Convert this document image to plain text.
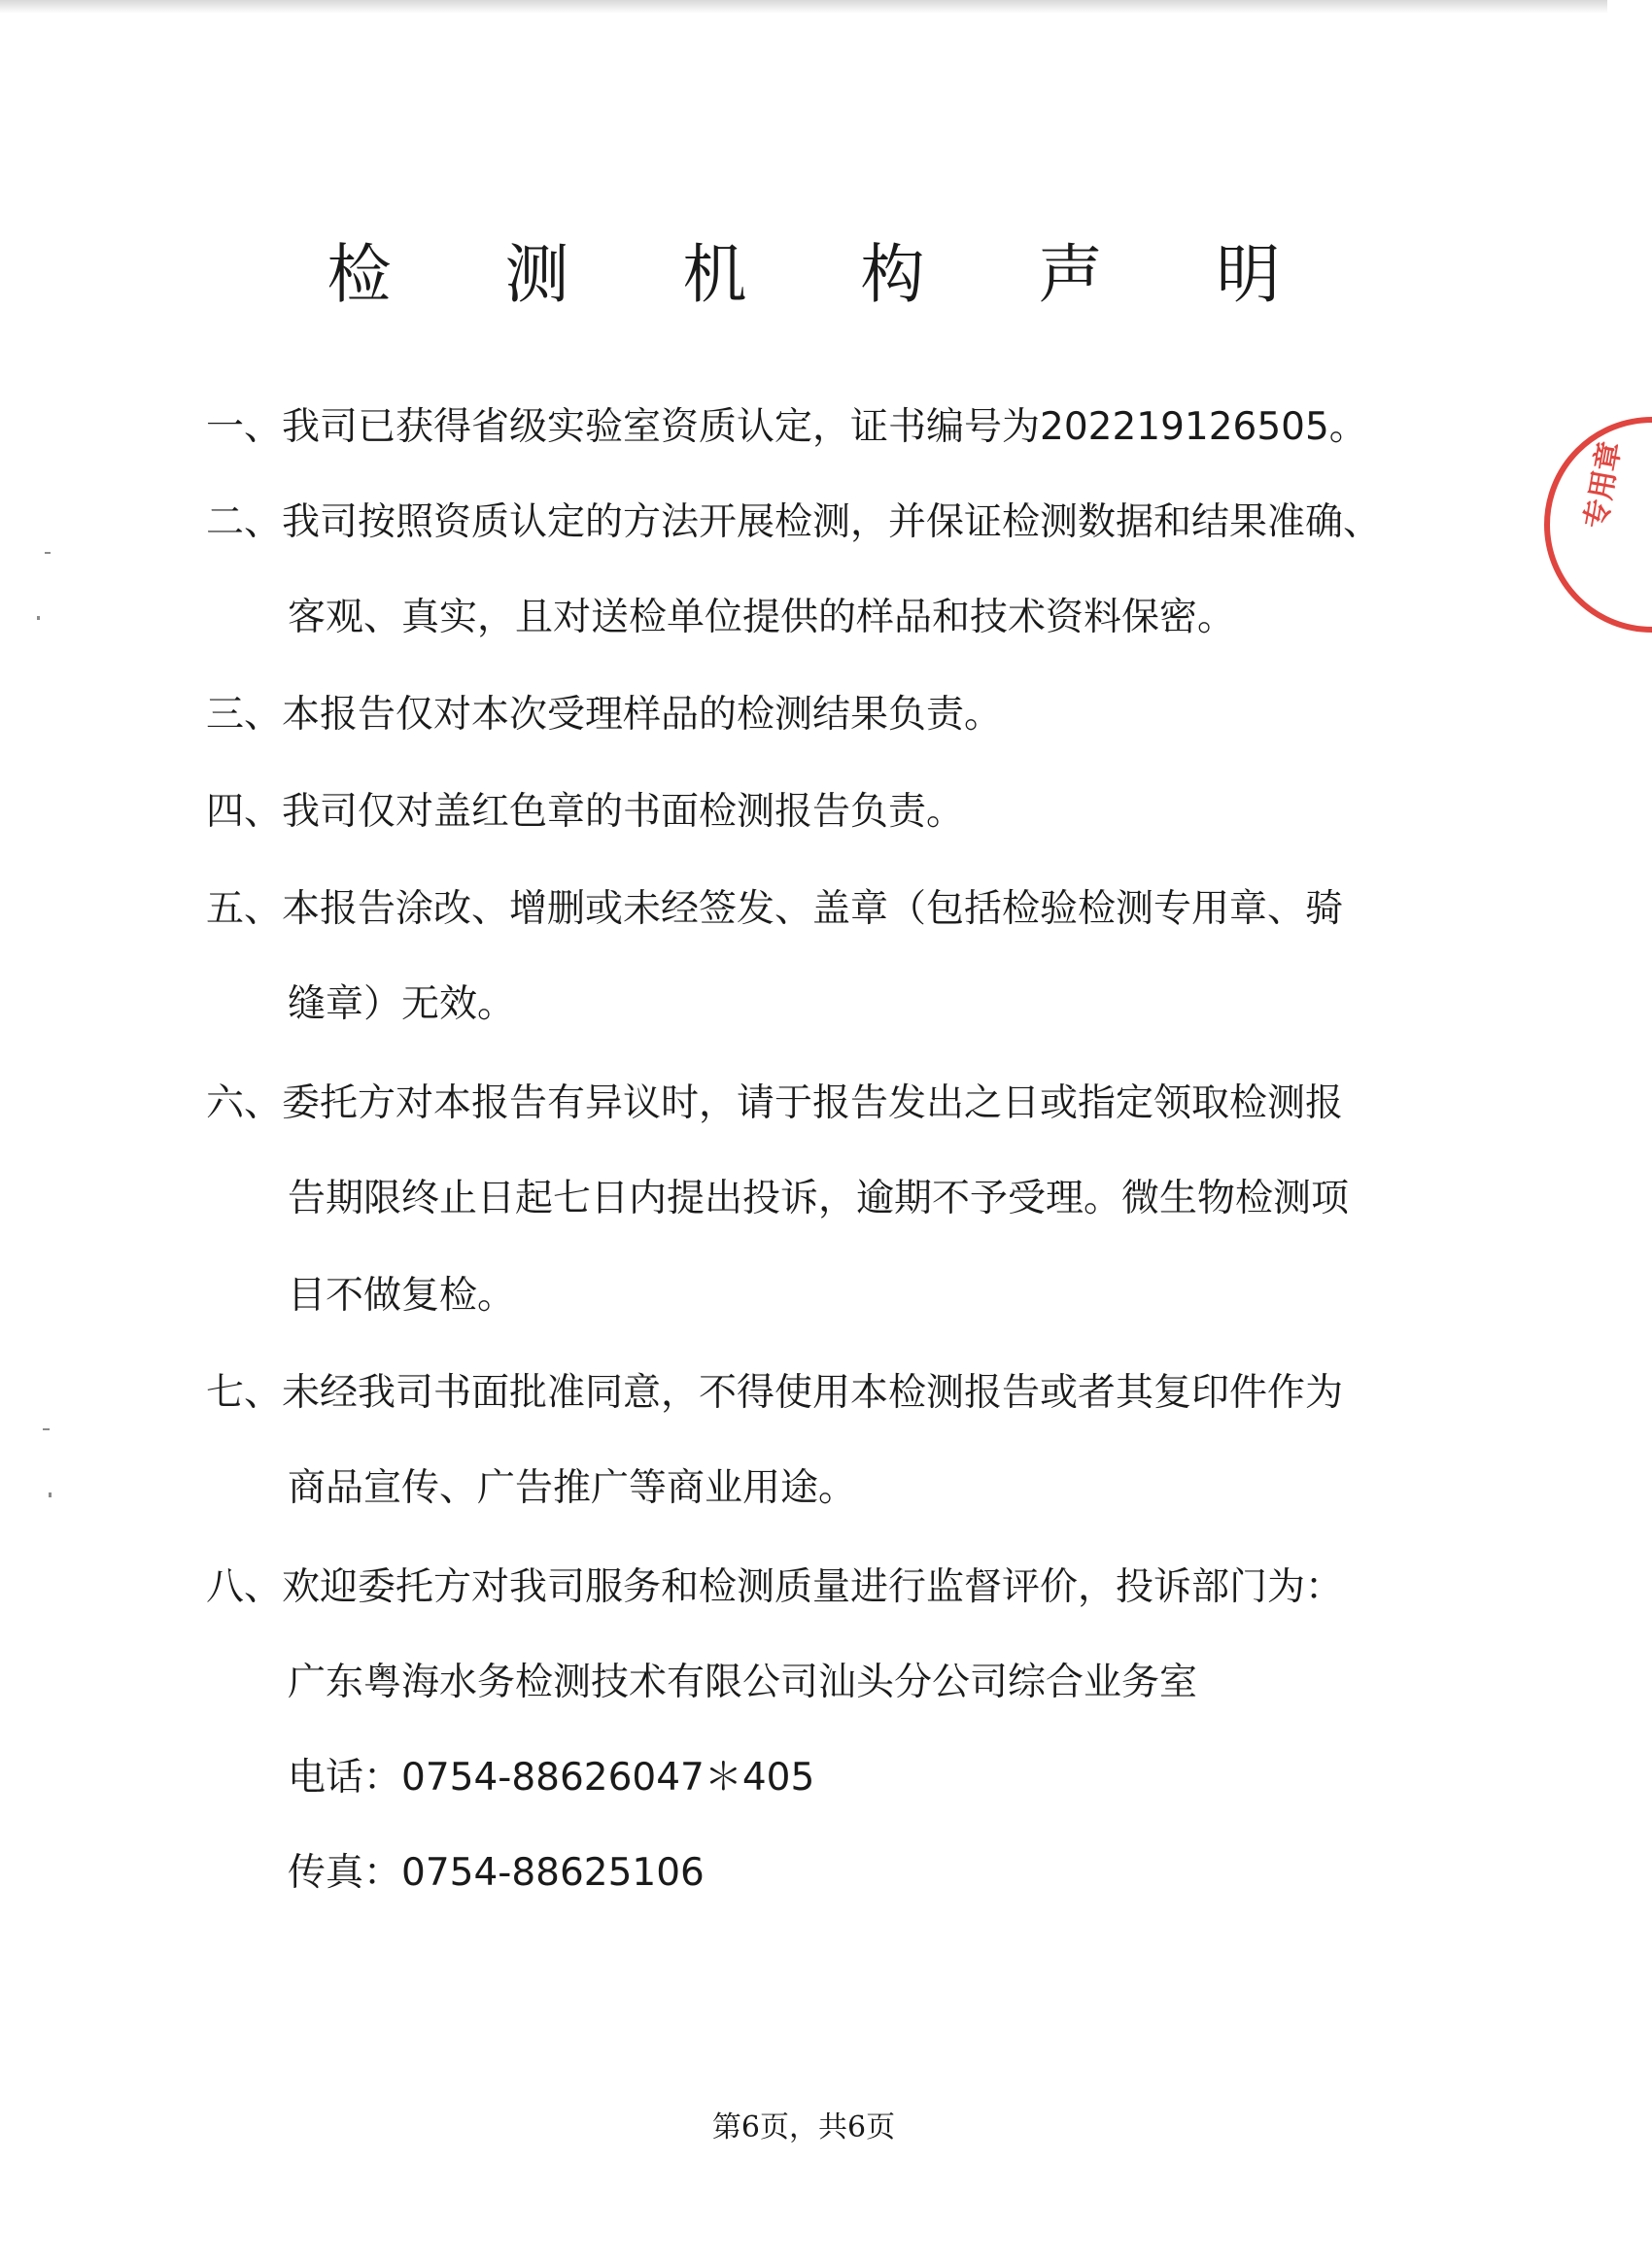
检 测 机 构 声 明
一、我司已获得省级实验室资质认定，证书编号为202219126505。
二、我司按照资质认定的方法开展检测，并保证检测数据和结果准确、
客观、真实，且对送检单位提供的样品和技术资料保密。
三、本报告仅对本次受理样品的检测结果负责。
四、我司仅对盖红色章的书面检测报告负责。
五、本报告涂改、增删或未经签发、盖章（包括检验检测专用章、骑
缝章）无效。
六、委托方对本报告有异议时，请于报告发出之日或指定领取检测报
告期限终止日起七日内提出投诉，逾期不予受理。微生物检测项
目不做复检。
七、未经我司书面批准同意，不得使用本检测报告或者其复印件作为
商品宣传、广告推广等商业用途。
八、欢迎委托方对我司服务和检测质量进行监督评价，投诉部门为：
广东粤海水务检测技术有限公司汕头分公司综合业务室
电话：0754-88626047＊405
传真：0754-88625106
第6页，共6页
专用章
